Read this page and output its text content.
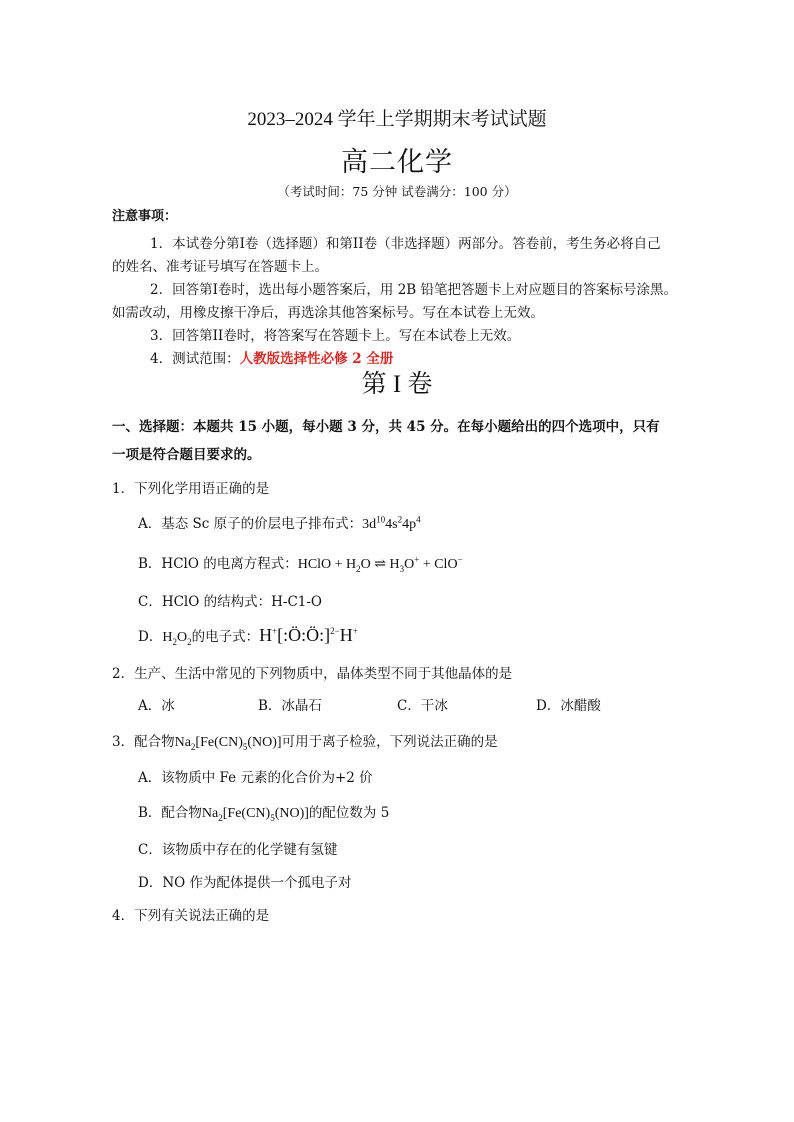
2023–2024 学年上学期期末考试试题
高二化学
（考试时间：75 分钟 试卷满分：100 分）
注意事项：
1．本试卷分第I卷（选择题）和第II卷（非选择题）两部分。答卷前，考生务必将自己
的姓名、准考证号填写在答题卡上。
2．回答第I卷时，选出每小题答案后，用 2B 铅笔把答题卡上对应题目的答案标号涂黑。
如需改动，用橡皮擦干净后，再选涂其他答案标号。写在本试卷上无效。
3．回答第II卷时，将答案写在答题卡上。写在本试卷上无效。
4．测试范围：人教版选择性必修 2 全册
第 I 卷
一、选择题：本题共 15 小题，每小题 3 分，共 45 分。在每小题给出的四个选项中，只有
一项是符合题目要求的。
1．下列化学用语正确的是
A．基态 Sc 原子的价层电子排布式：$3d^{10}4s^24p^4$
B．HClO 的电离方程式：HClO + $H_2O$ ⇌ $H_3O^+ + ClO^-$
C．HClO 的结构式：H-C1-O
D．$H_2O_2$的电子式：H+[:Ö:Ö:]$^{2-}$H+
2．生产、生活中常见的下列物质中，晶体类型不同于其他晶体的是
A．冰	B．冰晶石	C．干冰	D．冰醋酸
3．配合物$Na_2[Fe(CN)_5(NO)]$可用于离子检验，下列说法正确的是
A．该物质中 Fe 元素的化合价为+2 价
B．配合物$Na_2[Fe(CN)_5(NO)]$的配位数为 5
C．该物质中存在的化学键有氢键
D．NO 作为配体提供一个孤电子对
4．下列有关说法正确的是
